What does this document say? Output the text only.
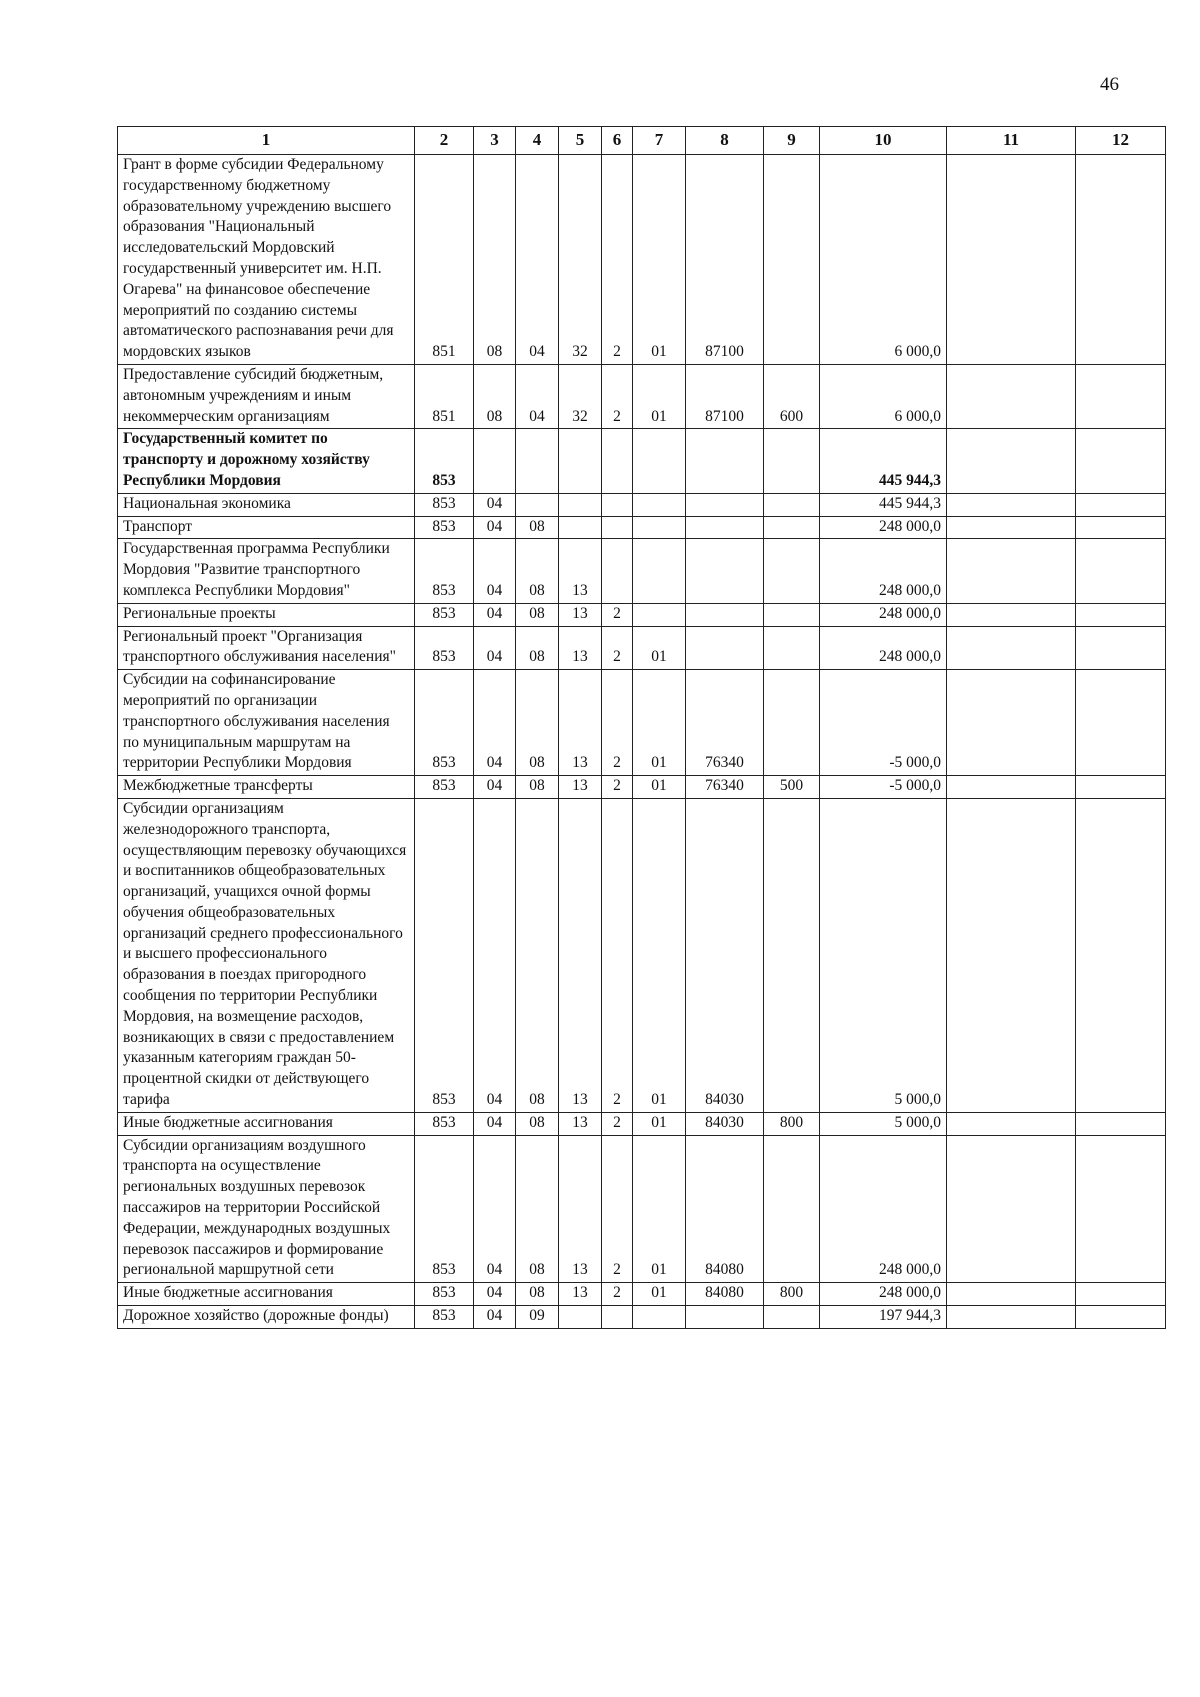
46
1	2	3	4	5	6	7	8	9	10	11	12
Грант в форме субсидии Федеральному государственному бюджетному образовательному учреждению высшего образования "Национальный исследовательский Мордовский государственный университет им. Н.П. Огарева" на финансовое обеспечение мероприятий по созданию системы автоматического распознавания речи для мордовских языков	851	08	04	32	2	01	87100		6 000,0		
Предоставление субсидий бюджетным, автономным учреждениям и иным некоммерческим организациям	851	08	04	32	2	01	87100	600	6 000,0		
Государственный комитет по транспорту и дорожному хозяйству Республики Мордовия	853								445 944,3		
Национальная экономика	853	04							445 944,3		
Транспорт	853	04	08						248 000,0		
Государственная программа Республики Мордовия "Развитие транспортного комплекса Республики Мордовия"	853	04	08	13					248 000,0		
Региональные проекты	853	04	08	13	2				248 000,0		
Региональный проект "Организация транспортного обслуживания населения"	853	04	08	13	2	01			248 000,0		
Субсидии на софинансирование мероприятий по организации транспортного обслуживания населения по муниципальным маршрутам на территории Республики Мордовия	853	04	08	13	2	01	76340		-5 000,0		
Межбюджетные трансферты	853	04	08	13	2	01	76340	500	-5 000,0		
Субсидии организациям железнодорожного транспорта, осуществляющим перевозку обучающихся и воспитанников общеобразовательных организаций, учащихся очной формы обучения общеобразовательных организаций среднего профессионального и высшего профессионального образования в поездах пригородного сообщения по территории Республики Мордовия, на возмещение расходов, возникающих в связи с предоставлением указанным категориям граждан 50-процентной скидки от действующего тарифа	853	04	08	13	2	01	84030		5 000,0		
Иные бюджетные ассигнования	853	04	08	13	2	01	84030	800	5 000,0		
Субсидии организациям воздушного транспорта на осуществление региональных воздушных перевозок пассажиров на территории Российской Федерации, международных воздушных перевозок пассажиров и формирование региональной маршрутной сети	853	04	08	13	2	01	84080		248 000,0		
Иные бюджетные ассигнования	853	04	08	13	2	01	84080	800	248 000,0		
Дорожное хозяйство (дорожные фонды)	853	04	09						197 944,3		
